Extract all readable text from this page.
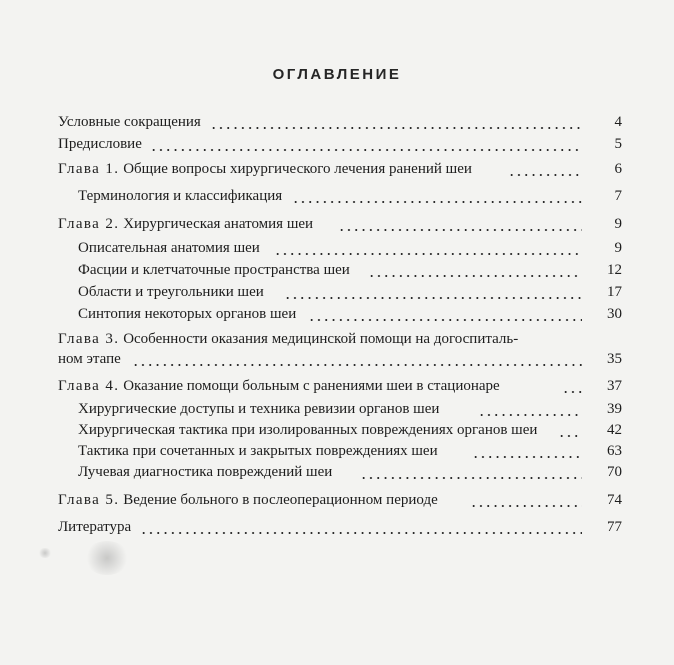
ОГЛАВЛЕНИЕ
Условные сокращения	4
Предисловие	5
Глава 1. Общие вопросы хирургического лечения ранений шеи	6
Терминология и классификация	7
Глава 2. Хирургическая анатомия шеи	9
Описательная анатомия шеи	9
Фасции и клетчаточные пространства шеи	12
Области и треугольники шеи	17
Синтопия некоторых органов шеи	30
Глава 3. Особенности оказания медицинской помощи на догоспиталь-
ном этапе	35
Глава 4. Оказание помощи больным с ранениями шеи в стационаре	37
Хирургические доступы и техника ревизии органов шеи	39
Хирургическая тактика при изолированных повреждениях органов шеи	42
Тактика при сочетанных и закрытых повреждениях шеи	63
Лучевая диагностика повреждений шеи	70
Глава 5. Ведение больного в послеоперационном периоде	74
Литература	77
